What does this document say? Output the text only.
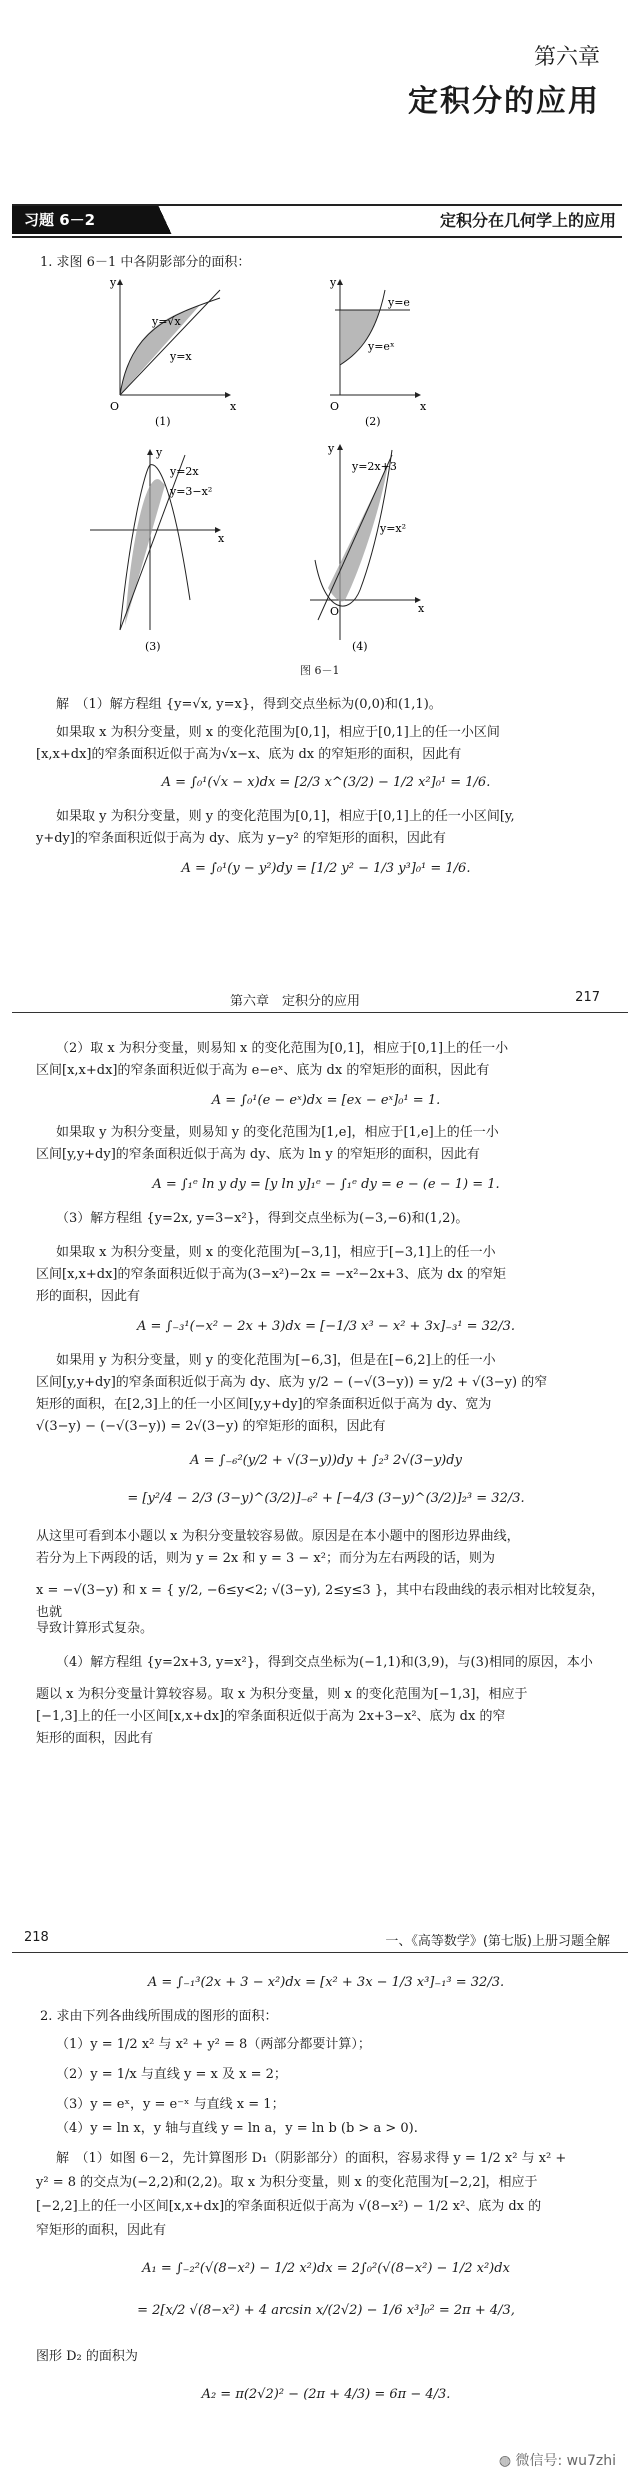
第六章
定积分的应用
习题 6－2	定积分在几何学上的应用
1. 求图 6－1 中各阴影部分的面积：
y=√x
y=x
O	x
y
(1)
y=e
y=eˣ
O	x
y
(2)
y=2x
y=3−x²
x
y
(3)
y=2x+3
y=x²
O	x
y
(4)
图 6－1
解　（1）解方程组 {y=√x, y=x}，得到交点坐标为(0,0)和(1,1)。
如果取 x 为积分变量，则 x 的变化范围为[0,1]，相应于[0,1]上的任一小区间
[x,x+dx]的窄条面积近似于高为√x−x、底为 dx 的窄矩形的面积，因此有
A = ∫₀¹(√x − x)dx = [2/3 x^(3/2) − 1/2 x²]₀¹ = 1/6.
如果取 y 为积分变量，则 y 的变化范围为[0,1]，相应于[0,1]上的任一小区间[y,
y+dy]的窄条面积近似于高为 dy、底为 y−y² 的窄矩形的面积，因此有
A = ∫₀¹(y − y²)dy = [1/2 y² − 1/3 y³]₀¹ = 1/6.
第六章　定积分的应用	217
（2）取 x 为积分变量，则易知 x 的变化范围为[0,1]，相应于[0,1]上的任一小
区间[x,x+dx]的窄条面积近似于高为 e−eˣ、底为 dx 的窄矩形的面积，因此有
A = ∫₀¹(e − eˣ)dx = [ex − eˣ]₀¹ = 1.
如果取 y 为积分变量，则易知 y 的变化范围为[1,e]，相应于[1,e]上的任一小
区间[y,y+dy]的窄条面积近似于高为 dy、底为 ln y 的窄矩形的面积，因此有
A = ∫₁ᵉ ln y dy = [y ln y]₁ᵉ − ∫₁ᵉ dy = e − (e − 1) = 1.
（3）解方程组 {y=2x, y=3−x²}，得到交点坐标为(−3,−6)和(1,2)。
如果取 x 为积分变量，则 x 的变化范围为[−3,1]，相应于[−3,1]上的任一小
区间[x,x+dx]的窄条面积近似于高为(3−x²)−2x = −x²−2x+3、底为 dx 的窄矩
形的面积，因此有
A = ∫₋₃¹(−x² − 2x + 3)dx = [−1/3 x³ − x² + 3x]₋₃¹ = 32/3.
如果用 y 为积分变量，则 y 的变化范围为[−6,3]，但是在[−6,2]上的任一小
区间[y,y+dy]的窄条面积近似于高为 dy、底为 y/2 − (−√(3−y)) = y/2 + √(3−y) 的窄
矩形的面积，在[2,3]上的任一小区间[y,y+dy]的窄条面积近似于高为 dy、宽为
√(3−y) − (−√(3−y)) = 2√(3−y) 的窄矩形的面积，因此有
A = ∫₋₆²(y/2 + √(3−y))dy + ∫₂³ 2√(3−y)dy
= [y²/4 − 2/3 (3−y)^(3/2)]₋₆² + [−4/3 (3−y)^(3/2)]₂³ = 32/3.
从这里可看到本小题以 x 为积分变量较容易做。原因是在本小题中的图形边界曲线，
若分为上下两段的话，则为 y = 2x 和 y = 3 − x²；而分为左右两段的话，则为
x = −√(3−y) 和 x = { y/2, −6≤y<2; √(3−y), 2≤y≤3 }，其中右段曲线的表示相对比较复杂，也就
导致计算形式复杂。
（4）解方程组 {y=2x+3, y=x²}，得到交点坐标为(−1,1)和(3,9)，与(3)相同的原因，本小
题以 x 为积分变量计算较容易。取 x 为积分变量，则 x 的变化范围为[−1,3]，相应于
[−1,3]上的任一小区间[x,x+dx]的窄条面积近似于高为 2x+3−x²、底为 dx 的窄
矩形的面积，因此有
218	一、《高等数学》(第七版)上册习题全解
A = ∫₋₁³(2x + 3 − x²)dx = [x² + 3x − 1/3 x³]₋₁³ = 32/3.
2. 求由下列各曲线所围成的图形的面积：
（1）y = 1/2 x² 与 x² + y² = 8（两部分都要计算）；
（2）y = 1/x 与直线 y = x 及 x = 2；
（3）y = eˣ，y = e⁻ˣ 与直线 x = 1；
（4）y = ln x，y 轴与直线 y = ln a，y = ln b (b > a > 0).
解　（1）如图 6－2，先计算图形 D₁（阴影部分）的面积，容易求得 y = 1/2 x² 与 x² +
y² = 8 的交点为(−2,2)和(2,2)。取 x 为积分变量，则 x 的变化范围为[−2,2]，相应于
[−2,2]上的任一小区间[x,x+dx]的窄条面积近似于高为 √(8−x²) − 1/2 x²、底为 dx 的
窄矩形的面积，因此有
A₁ = ∫₋₂²(√(8−x²) − 1/2 x²)dx = 2∫₀²(√(8−x²) − 1/2 x²)dx
= 2[x/2 √(8−x²) + 4 arcsin x/(2√2) − 1/6 x³]₀² = 2π + 4/3,
图形 D₂ 的面积为
A₂ = π(2√2)² − (2π + 4/3) = 6π − 4/3.
◍ 微信号: wu7zhi
